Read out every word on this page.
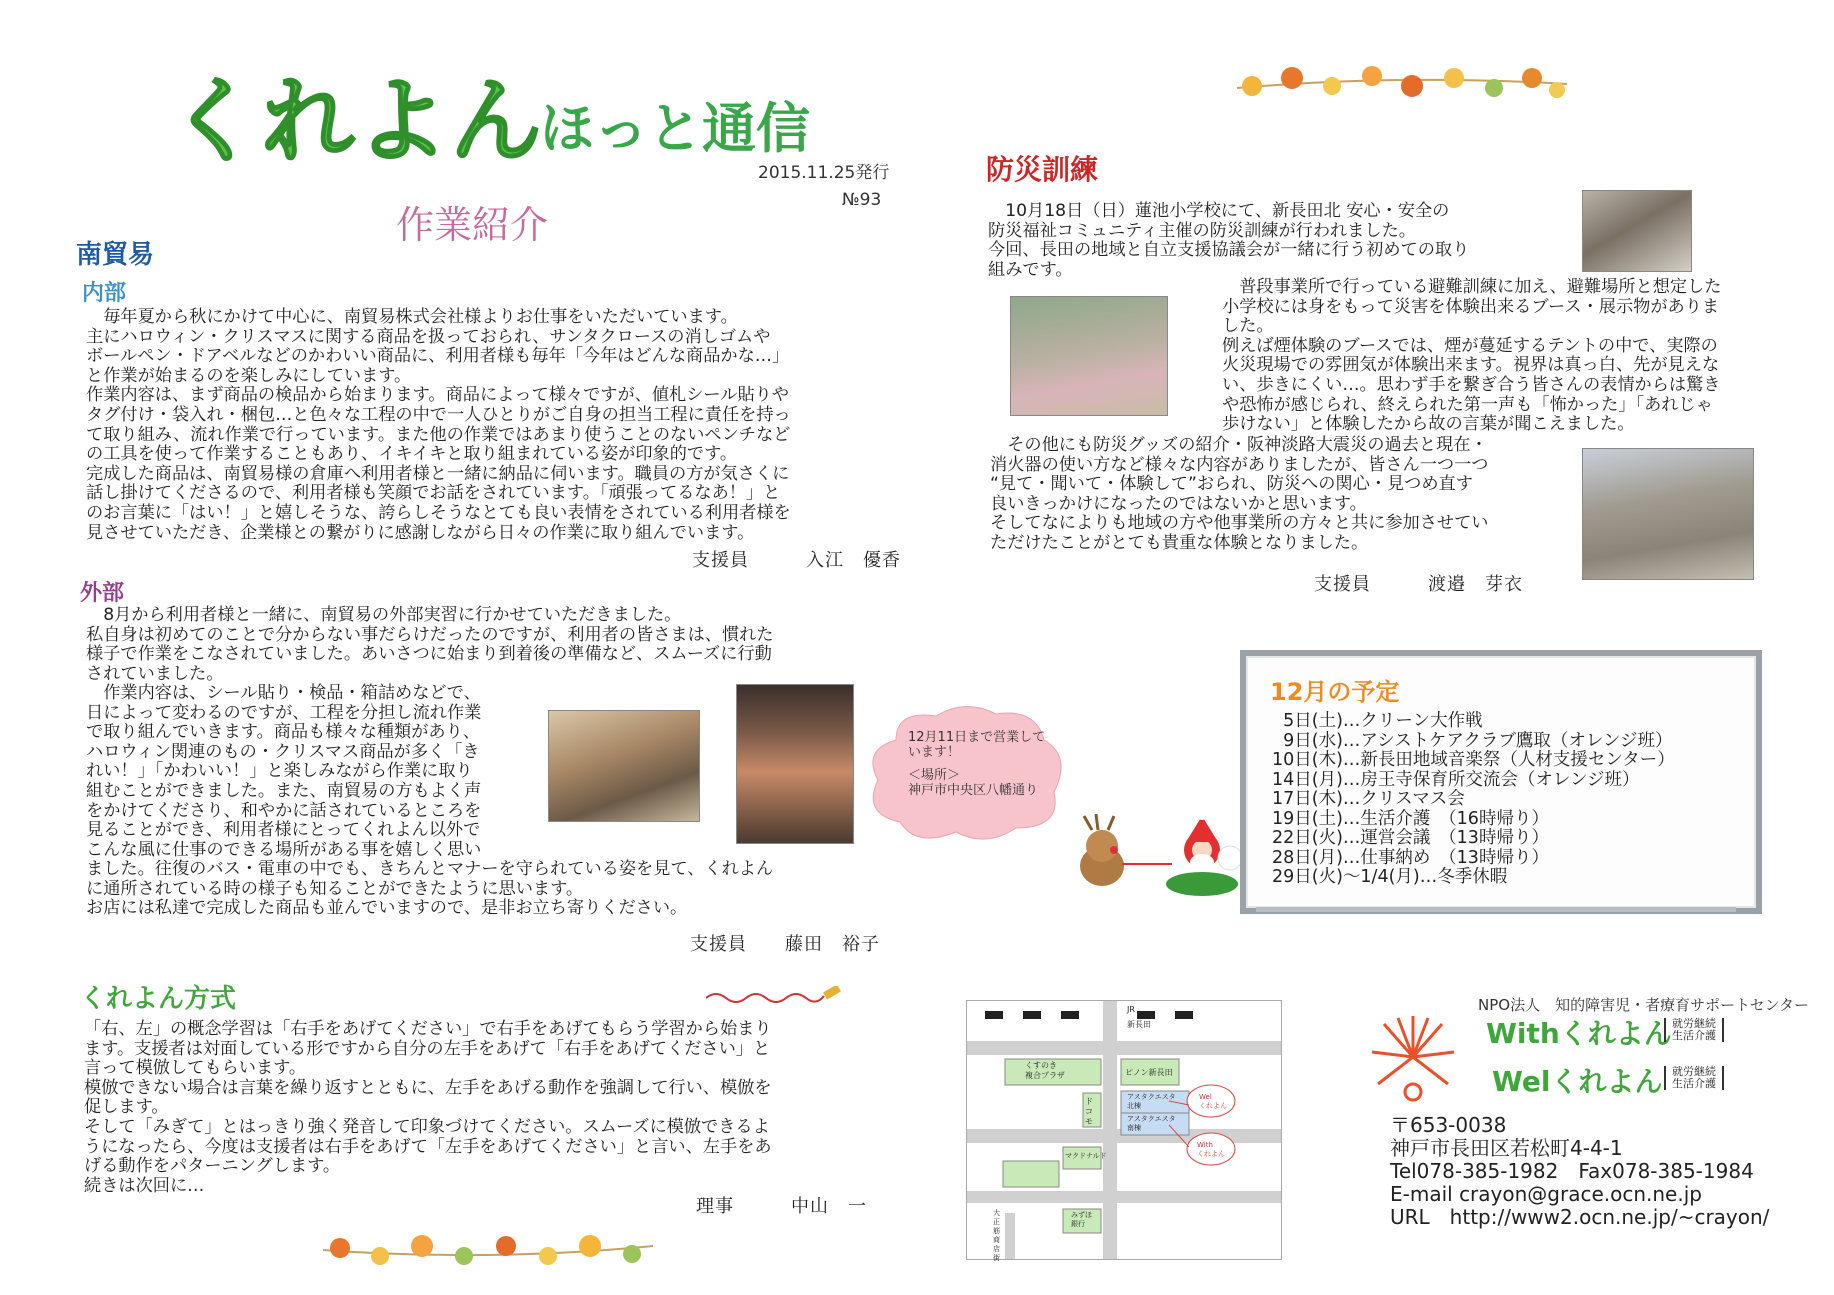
くれよん
ほっと通信
2015.11.25発行
№93
作業紹介
南貿易
内部
　毎年夏から秋にかけて中心に、南貿易株式会社様よりお仕事をいただいています。
主にハロウィン・クリスマスに関する商品を扱っておられ、サンタクロースの消しゴムや
ボールペン・ドアベルなどのかわいい商品に、利用者様も毎年「今年はどんな商品かな…」
と作業が始まるのを楽しみにしています。
作業内容は、まず商品の検品から始まります。商品によって様々ですが、値札シール貼りや
タグ付け・袋入れ・梱包…と色々な工程の中で一人ひとりがご自身の担当工程に責任を持っ
て取り組み、流れ作業で行っています。また他の作業ではあまり使うことのないペンチなど
の工具を使って作業することもあり、イキイキと取り組まれている姿が印象的です。
完成した商品は、南貿易様の倉庫へ利用者様と一緒に納品に伺います。職員の方が気さくに
話し掛けてくださるので、利用者様も笑顔でお話をされています。「頑張ってるなあ！」と
のお言葉に「はい！」と嬉しそうな、誇らしそうなとても良い表情をされている利用者様を
見させていただき、企業様との繋がりに感謝しながら日々の作業に取り組んでいます。
支援員　　　入江　優香
外部
　8月から利用者様と一緒に、南貿易の外部実習に行かせていただきました。
私自身は初めてのことで分からない事だらけだったのですが、利用者の皆さまは、慣れた
様子で作業をこなされていました。あいさつに始まり到着後の準備など、スムーズに行動
されていました。
　作業内容は、シール貼り・検品・箱詰めなどで、
日によって変わるのですが、工程を分担し流れ作業
で取り組んでいきます。商品も様々な種類があり、
ハロウィン関連のもの・クリスマス商品が多く「き
れい！」「かわいい！」と楽しみながら作業に取り
組むことができました。また、南貿易の方もよく声
をかけてくださり、和やかに話されているところを
見ることができ、利用者様にとってくれよん以外で
こんな風に仕事のできる場所がある事を嬉しく思い
ました。往復のバス・電車の中でも、きちんとマナーを守られている姿を見て、くれよん
に通所されている時の様子も知ることができたように思います。
お店には私達で完成した商品も並んでいますので、是非お立ち寄りください。
支援員　　藤田　裕子
くれよん方式
「右、左」の概念学習は「右手をあげてください」で右手をあげてもらう学習から始まり
ます。支援者は対面している形ですから自分の左手をあげて「右手をあげてください」と
言って模倣してもらいます。
模倣できない場合は言葉を繰り返すとともに、左手をあげる動作を強調して行い、模倣を
促します。
そして「みぎて」とはっきり強く発音して印象づけてください。スムーズに模倣できるよ
うになったら、今度は支援者は右手をあげて「左手をあげてください」と言い、左手をあ
げる動作をパターニングします。
続きは次回に…
理事　　　中山　一
防災訓練
　10月18日（日）蓮池小学校にて、新長田北 安心・安全の
防災福祉コミュニティ主催の防災訓練が行われました。
今回、長田の地域と自立支援協議会が一緒に行う初めての取り
組みです。
　普段事業所で行っている避難訓練に加え、避難場所と想定した
小学校には身をもって災害を体験出来るブース・展示物がありま
した。
例えば煙体験のブースでは、煙が蔓延するテントの中で、実際の
火災現場での雰囲気が体験出来ます。視界は真っ白、先が見えな
い、歩きにくい…。思わず手を繋ぎ合う皆さんの表情からは驚き
や恐怖が感じられ、終えられた第一声も「怖かった」「あれじゃ
歩けない」と体験したから故の言葉が聞こえました。
　その他にも防災グッズの紹介・阪神淡路大震災の過去と現在・
消火器の使い方など様々な内容がありましたが、皆さん一つ一つ
“見て・聞いて・体験して”おられ、防災への関心・見つめ直す
良いきっかけになったのではないかと思います。
そしてなによりも地域の方や他事業所の方々と共に参加させてい
ただけたことがとても貴重な体験となりました。
支援員　　　渡邉　芽衣
12月11日まで営業して
います！
＜場所＞
神戸市中央区八幡通り
12月の予定
5日(土)…クリーン大作戦
9日(水)…アシストケアクラブ鷹取（オレンジ班）
10日(木)…新長田地域音楽祭（人材支援センター）
14日(月)…房王寺保育所交流会（オレンジ班）
17日(木)…クリスマス会
19日(土)…生活介護　（16時帰り）
22日(火)…運営会議　（13時帰り）
28日(月)…仕事納め　（13時帰り）
29日(火)〜1/4(月)…冬季休暇
JR
新長田
くすのき
複合プラザ	ピノン新長田
ドコモ
アスタクエスタ
北棟
アスタクエスタ
南棟
マクドナルド
みずほ
銀行
大正筋商店街
Wel
くれよん
With
くれよん
NPO法人　知的障害児・者療育サポートセンター
Withくれよん 就労継続
生活介護
Welくれよん 就労継続
生活介護
〒653-0038
神戸市長田区若松町4-4-1
Tel078-385-1982　Fax078-385-1984
E-mail crayon@grace.ocn.ne.jp
URL　http://www2.ocn.ne.jp/~crayon/
